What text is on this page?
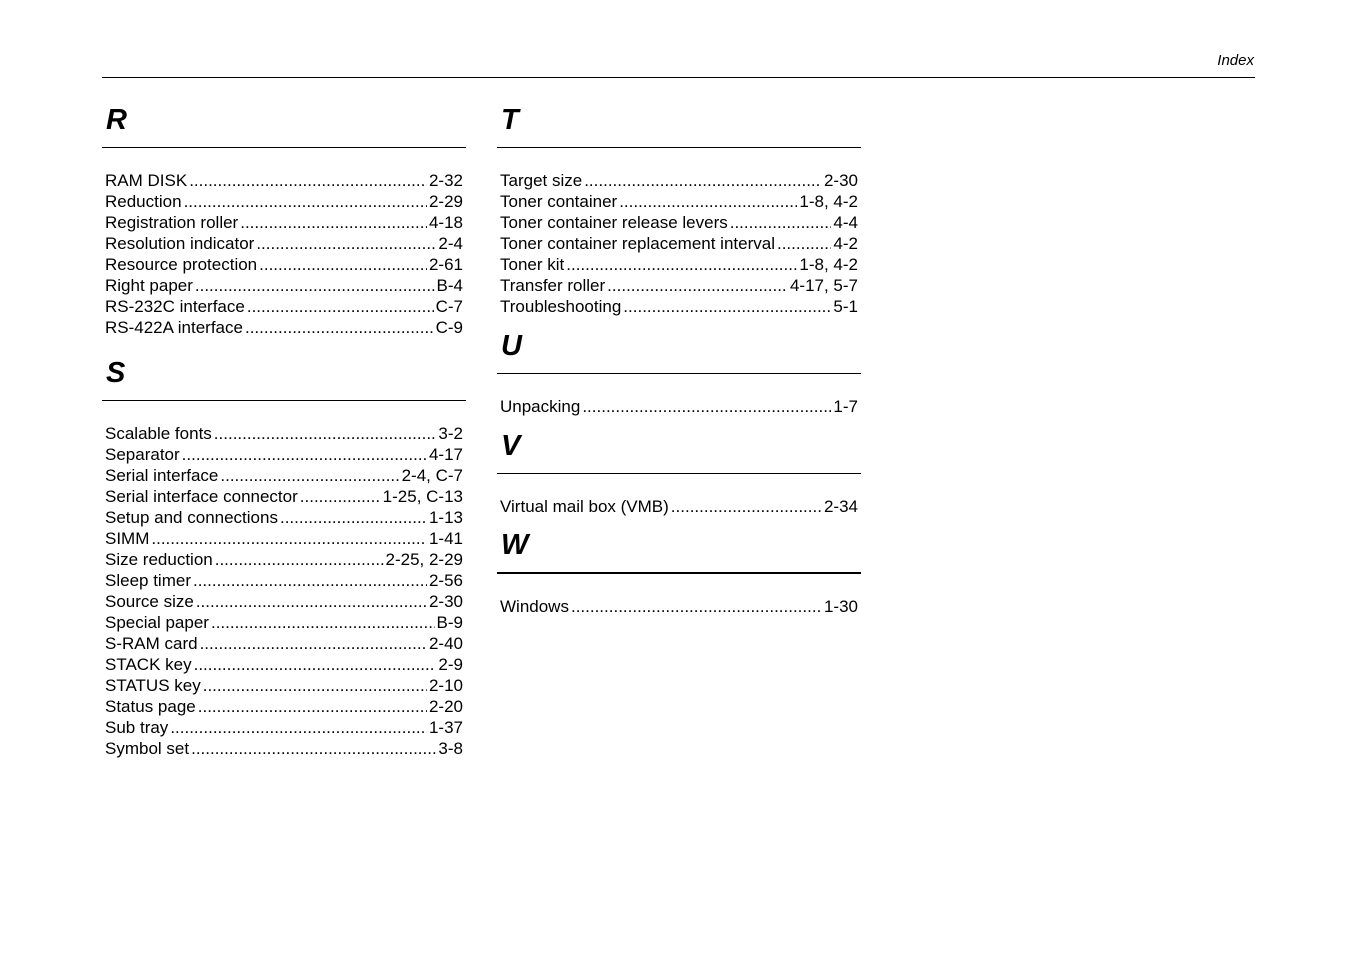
Index
R
RAM DISK .....	2-32
Reduction .....	2-29
Registration roller .....	4-18
Resolution indicator .....	2-4
Resource protection .....	2-61
Right paper .....	B-4
RS-232C interface .....	C-7
RS-422A interface .....	C-9
S
Scalable fonts .....	3-2
Separator .....	4-17
Serial interface .....	2-4, C-7
Serial interface connector .....	1-25, C-13
Setup and connections .....	1-13
SIMM .....	1-41
Size reduction .....	2-25, 2-29
Sleep timer .....	2-56
Source size .....	2-30
Special paper .....	B-9
S-RAM card .....	2-40
STACK key .....	2-9
STATUS key .....	2-10
Status page .....	2-20
Sub tray .....	1-37
Symbol set .....	3-8
T
Target size .....	2-30
Toner container .....	1-8, 4-2
Toner container release levers .....	4-4
Toner container replacement interval .....	4-2
Toner kit .....	1-8, 4-2
Transfer roller .....	4-17, 5-7
Troubleshooting .....	5-1
U
Unpacking .....	1-7
V
Virtual mail box (VMB) .....	2-34
W
Windows .....	1-30
